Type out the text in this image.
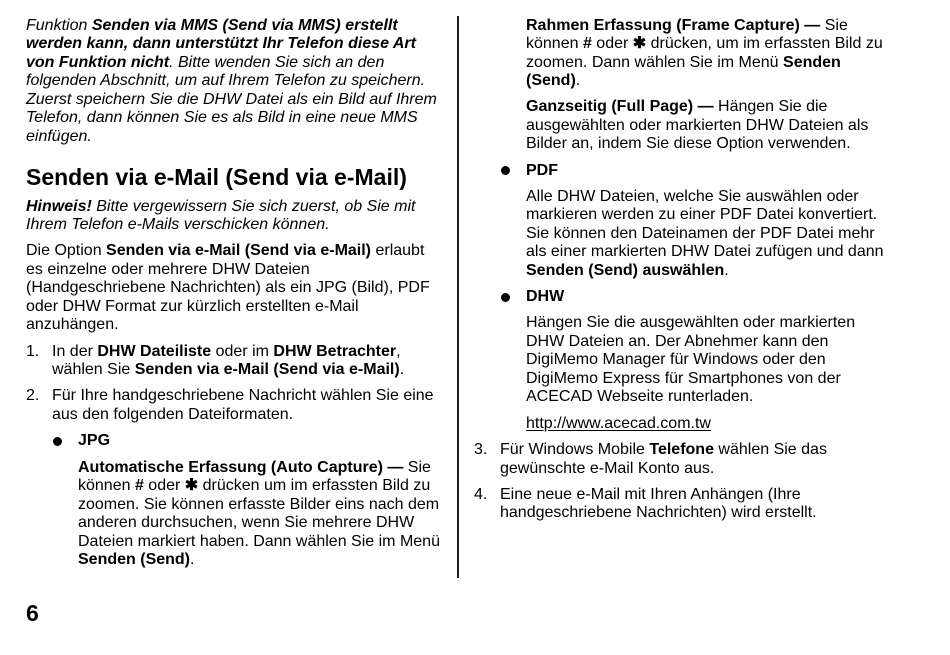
Funktion Senden via MMS (Send via MMS) erstellt
werden kann, dann unterstützt Ihr Telefon diese Art
von Funktion nicht. Bitte wenden Sie sich an den
folgenden Abschnitt, um auf Ihrem Telefon zu speichern.
Zuerst speichern Sie die DHW Datei als ein Bild auf Ihrem
Telefon, dann können Sie es als Bild in eine neue MMS
einfügen.
Senden via e-Mail (Send via e-Mail)
Hinweis! Bitte vergewissern Sie sich zuerst, ob Sie mit
Ihrem Telefon e-Mails verschicken können.
Die Option Senden via e-Mail (Send via e-Mail) erlaubt
es einzelne oder mehrere DHW Dateien
(Handgeschriebene Nachrichten) als ein JPG (Bild), PDF
oder DHW Format zur kürzlich erstellten e-Mail
anzuhängen.
1. In der DHW Dateiliste oder im DHW Betrachter,
wählen Sie Senden via e-Mail (Send via e-Mail).
2. Für Ihre handgeschriebene Nachricht wählen Sie eine
aus den folgenden Dateiformaten.
JPG
Automatische Erfassung (Auto Capture) — Sie
können # oder ✱ drücken um im erfassten Bild zu
zoomen. Sie können erfasste Bilder eins nach dem
anderen durchsuchen, wenn Sie mehrere DHW
Dateien markiert haben. Dann wählen Sie im Menü
Senden (Send).
Rahmen Erfassung (Frame Capture) — Sie
können # oder ✱ drücken, um im erfassten Bild zu
zoomen. Dann wählen Sie im Menü Senden
(Send).
Ganzseitig (Full Page) — Hängen Sie die
ausgewählten oder markierten DHW Dateien als
Bilder an, indem Sie diese Option verwenden.
PDF
Alle DHW Dateien, welche Sie auswählen oder
markieren werden zu einer PDF Datei konvertiert.
Sie können den Dateinamen der PDF Datei mehr
als einer markierten DHW Datei zufügen und dann
Senden (Send) auswählen.
DHW
Hängen Sie die ausgewählten oder markierten
DHW Dateien an. Der Abnehmer kann den
DigiMemo Manager für Windows oder den
DigiMemo Express für Smartphones von der
ACECAD Webseite runterladen.
http://www.acecad.com.tw
3. Für Windows Mobile Telefone wählen Sie das
gewünschte e-Mail Konto aus.
4. Eine neue e-Mail mit Ihren Anhängen (Ihre
handgeschriebene Nachrichten) wird erstellt.
6
